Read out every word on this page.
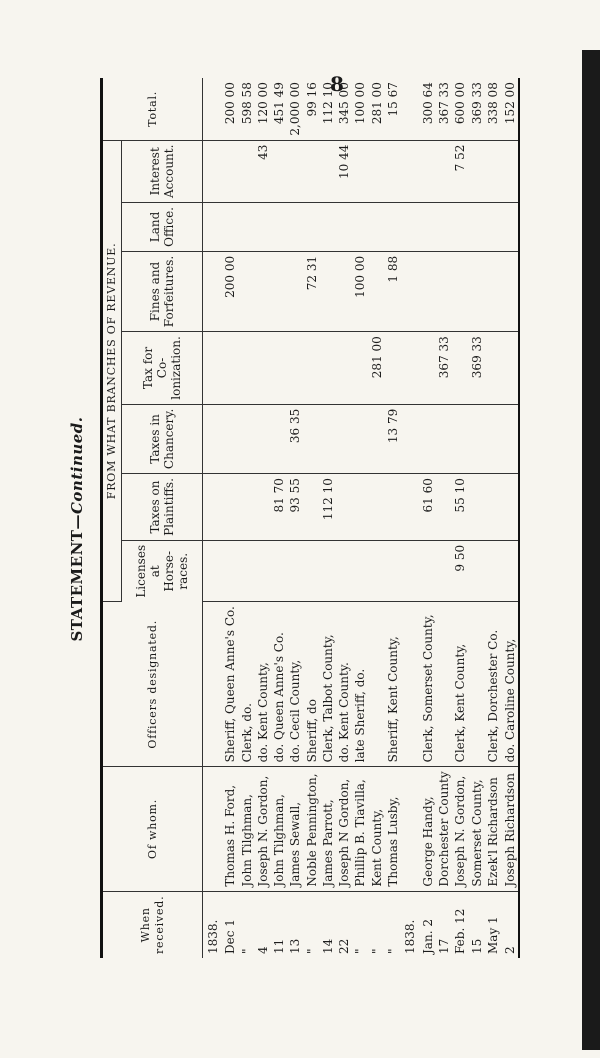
8
STATEMENT—Continued.
When received.	Of whom.	Officers designated.	FROM WHAT BRANCHES OF REVENUE.							Total.
			Licenses at Horse-races.	Taxes on Plaintiffs.	Taxes in Chancery.	Tax for Co-lonization.	Fines and Forfeitures.	Land Office.	Interest Account.	
1838.										
Dec 1	Thomas H. Ford,	Sheriff, Queen Anne's Co.					200 00			200 00
"	John Tilghman,	Clerk, do.								598 58
4	Joseph N. Gordon,	do. Kent County,							43	120 00
11	John Tilghman,	do. Queen Anne's Co.		81 70						451 49
13	James Sewall,	do. Cecil County,		93 55	36 35					2,000 00
"	Noble Pennington,	Sheriff, do					72 31			99 16
14	James Parrott,	Clerk, Talbot County,		112 10						112 10
22	Joseph N Gordon,	do. Kent County.							10 44	345 00
"	Phillip B. Tiavilla,	late Sheriff, do.					100 00			100 00
"	Kent County,					281 00				281 00
"	Thomas Lusby,	Sheriff, Kent County,			13 79		1 88			15 67
1838.										
Jan. 2	George Handy,	Clerk, Somerset County,		61 60						300 64
17	Dorchester County					367 33				367 33
Feb. 12	Joseph N. Gordon,	Clerk, Kent County,	9 50	55 10					7 52	600 00
15	Somerset County,					369 33				369 33
May 1	Ezek'l Richardson	Clerk, Dorchester Co.								338 08
2	Joseph Richardson	do. Caroline County,								152 00
